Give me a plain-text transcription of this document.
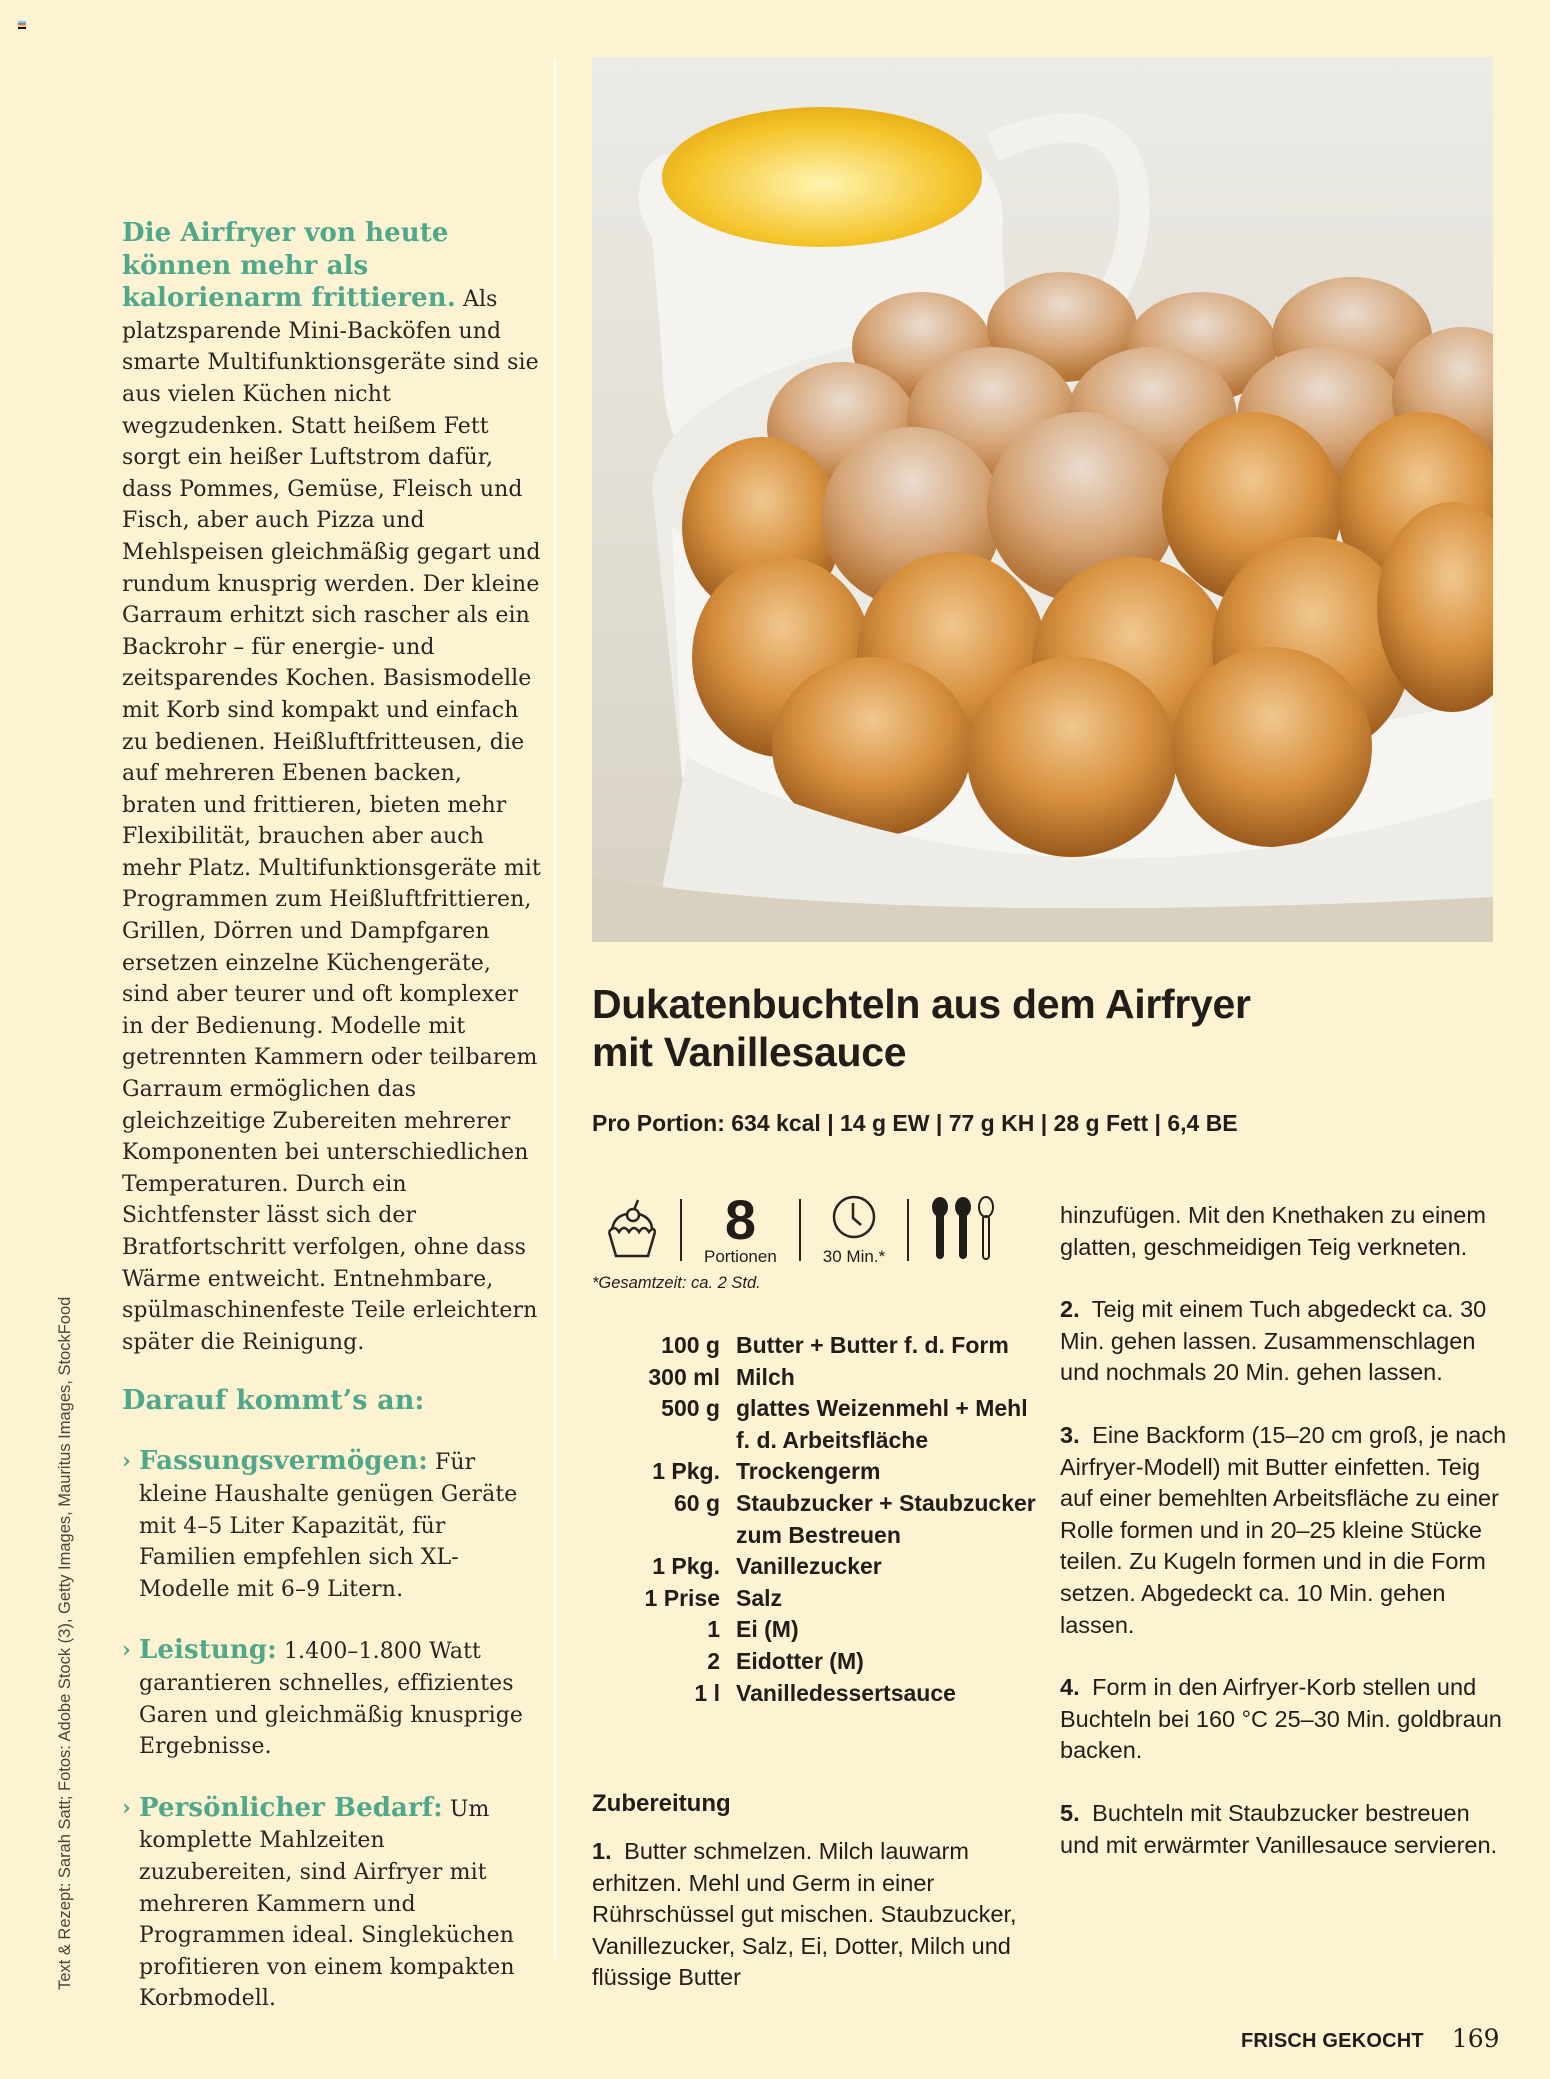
Die Airfryer von heute können mehr als kalorienarm frittieren. Als platzsparende Mini-Backöfen und smarte Multifunktionsgeräte sind sie aus vielen Küchen nicht wegzudenken. Statt heißem Fett sorgt ein heißer Luftstrom dafür, dass Pommes, Gemüse, Fleisch und Fisch, aber auch Pizza und Mehlspeisen gleichmäßig gegart und rundum knusprig werden. Der kleine Garraum erhitzt sich rascher als ein Backrohr – für energie- und zeitsparendes Kochen. Basismodelle mit Korb sind kompakt und einfach zu bedienen. Heißluftfritteusen, die auf mehreren Ebenen backen, braten und frittieren, bieten mehr Flexibilität, brauchen aber auch mehr Platz. Multifunktionsgeräte mit Programmen zum Heißluftfrittieren, Grillen, Dörren und Dampfgaren ersetzen einzelne Küchengeräte, sind aber teurer und oft komplexer in der Bedienung. Modelle mit getrennten Kammern oder teilbarem Garraum ermöglichen das gleichzeitige Zubereiten mehrerer Komponenten bei unterschiedlichen Temperaturen. Durch ein Sichtfenster lässt sich der Bratfortschritt verfolgen, ohne dass Wärme entweicht. Entnehmbare, spülmaschinenfeste Teile erleichtern später die Reinigung.

Darauf kommt’s an:
› Fassungsvermögen: Für kleine Haushalte genügen Geräte mit 4–5 Liter Kapazität, für Familien empfehlen sich XL-Modelle mit 6–9 Litern.
› Leistung: 1.400–1.800 Watt garantieren schnelles, effizientes Garen und gleichmäßig knusprige Ergebnisse.
› Persönlicher Bedarf: Um komplette Mahlzeiten zuzubereiten, sind Airfryer mit mehreren Kammern und Programmen ideal. Singleküchen profitieren von einem kompakten Korbmodell.
Text & Rezept: Sarah Satt; Fotos: Adobe Stock (3), Getty Images, Mauritus Images, StockFood
Dukatenbuchteln aus dem Airfryer
mit Vanillesauce
Pro Portion: 634 kcal | 14 g EW | 77 g KH | 28 g Fett | 6,4 BE
8
Portionen	30 Min.*
*Gesamtzeit: ca. 2 Std.
100 g Butter + Butter f. d. Form
300 ml Milch
500 g glattes Weizenmehl + Mehl f. d. Arbeitsfläche
1 Pkg. Trockengerm
60 g Staubzucker + Staubzucker zum Bestreuen
1 Pkg. Vanillezucker
1 Prise Salz
1 Ei (M)
2 Eidotter (M)
1 l Vanilledessertsauce
Zubereitung

1. Butter schmelzen. Milch lauwarm erhitzen. Mehl und Germ in einer Rührschüssel gut mischen. Staubzucker, Vanillezucker, Salz, Ei, Dotter, Milch und flüssige Butter

hinzufügen. Mit den Knethaken zu einem glatten, geschmeidigen Teig verkneten.

2. Teig mit einem Tuch abgedeckt ca. 30 Min. gehen lassen. Zusammenschlagen und nochmals 20 Min. gehen lassen.

3. Eine Backform (15–20 cm groß, je nach Airfryer-Modell) mit Butter einfetten. Teig auf einer bemehlten Arbeitsfläche zu einer Rolle formen und in 20–25 kleine Stücke teilen. Zu Kugeln formen und in die Form setzen. Abgedeckt ca. 10 Min. gehen lassen.

4. Form in den Airfryer-Korb stellen und Buchteln bei 160 °C 25–30 Min. goldbraun backen.

5. Buchteln mit Staubzucker bestreuen und mit erwärmter Vanillesauce servieren.

FRISCH GEKOCHT 169
